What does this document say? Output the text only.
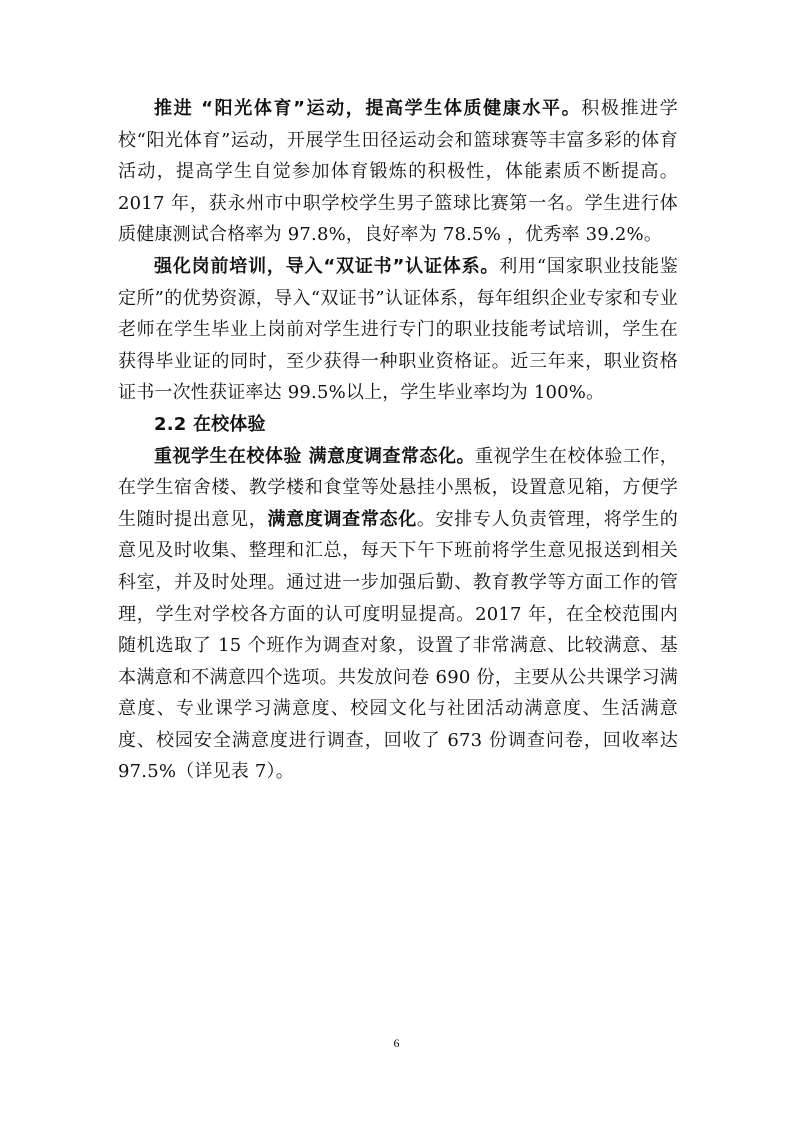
推进 “阳光体育”运动，提高学生体质健康水平。积极推进学校“阳光体育”运动，开展学生田径运动会和篮球赛等丰富多彩的体育活动，提高学生自觉参加体育锻炼的积极性，体能素质不断提高。2017 年，获永州市中职学校学生男子篮球比赛第一名。学生进行体质健康测试合格率为 97.8%，良好率为 78.5% ，优秀率 39.2%。

强化岗前培训，导入“双证书”认证体系。利用“国家职业技能鉴定所”的优势资源，导入“双证书”认证体系，每年组织企业专家和专业老师在学生毕业上岗前对学生进行专门的职业技能考试培训，学生在获得毕业证的同时，至少获得一种职业资格证。近三年来，职业资格证书一次性获证率达 99.5%以上，学生毕业率均为 100%。

2.2 在校体验

重视学生在校体验 满意度调查常态化。重视学生在校体验工作，在学生宿舍楼、教学楼和食堂等处悬挂小黑板，设置意见箱，方便学生随时提出意见，满意度调查常态化。安排专人负责管理，将学生的意见及时收集、整理和汇总，每天下午下班前将学生意见报送到相关科室，并及时处理。通过进一步加强后勤、教育教学等方面工作的管理，学生对学校各方面的认可度明显提高。2017 年，在全校范围内随机选取了 15 个班作为调查对象，设置了非常满意、比较满意、基本满意和不满意四个选项。共发放问卷 690 份，主要从公共课学习满意度、专业课学习满意度、校园文化与社团活动满意度、生活满意度、校园安全满意度进行调查，回收了 673 份调查问卷，回收率达 97.5%（详见表 7）。

6
